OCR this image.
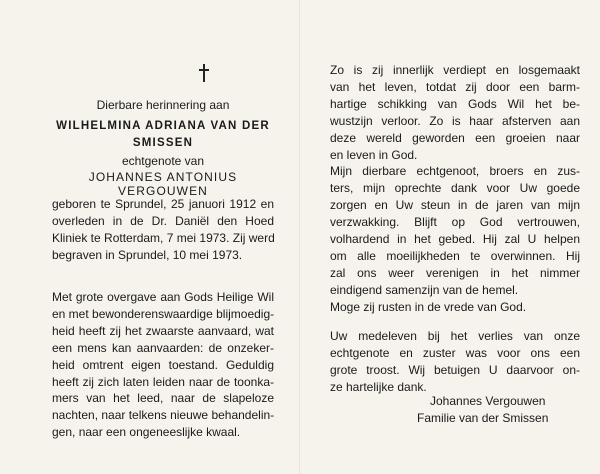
Dierbare herinnering aan
WILHELMINA ADRIANA VAN DER
SMISSEN
echtgenote van
JOHANNES ANTONIUS VERGOUWEN

geboren te Sprundel, 25 januori 1912 en
overleden in de Dr. Daniël den Hoed
Kliniek te Rotterdam, 7 mei 1973. Zij werd
begraven in Sprundel, 10 mei 1973.

Met grote overgave aan Gods Heilige Wil
en met bewonderenswaardige blijmoedig-
heid heeft zij het zwaarste aanvaard, wat
een mens kan aanvaarden: de onzeker-
heid omtrent eigen toestand. Geduldig
heeft zij zich laten leiden naar de toonka-
mers van het leed, naar de slapeloze
nachten, naar telkens nieuwe behandelin-
gen, naar een ongeneeslijke kwaal.

Zo is zij innerlijk verdiept en losgemaakt
van het leven, totdat zij door een barm-
hartige schikking van Gods Wil het be-
wustzijn verloor. Zo is haar afsterven aan
deze wereld geworden een groeien naar
en leven in God.
Mijn dierbare echtgenoot, broers en zus-
ters, mijn oprechte dank voor Uw goede
zorgen en Uw steun in de jaren van mijn
verzwakking. Blijft op God vertrouwen,
volhardend in het gebed. Hij zal U helpen
om alle moeilijkheden te overwinnen. Hij
zal ons weer verenigen in het nimmer
eindigend samenzijn van de hemel.
Moge zij rusten in de vrede van God.

Uw medeleven bij het verlies van onze
echtgenote en zuster was voor ons een
grote troost. Wij betuigen U daarvoor on-
ze hartelijke dank.

Johannes Vergouwen
Familie van der Smissen
